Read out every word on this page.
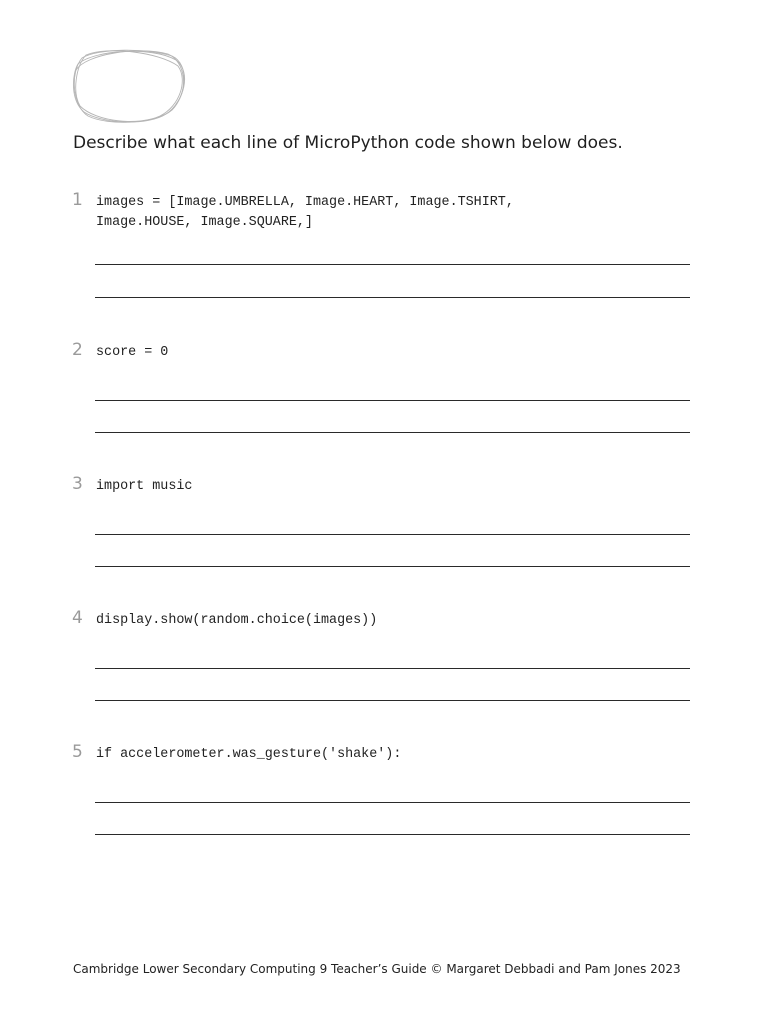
Describe what each line of MicroPython code shown below does.
1 images = [Image.UMBRELLA, Image.HEART, Image.TSHIRT,
Image.HOUSE, Image.SQUARE,]
2 score = 0
3 import music
4 display.show(random.choice(images))
5 if accelerometer.was_gesture('shake'):
Cambridge Lower Secondary Computing 9 Teacher’s Guide © Margaret Debbadi and Pam Jones 2023
